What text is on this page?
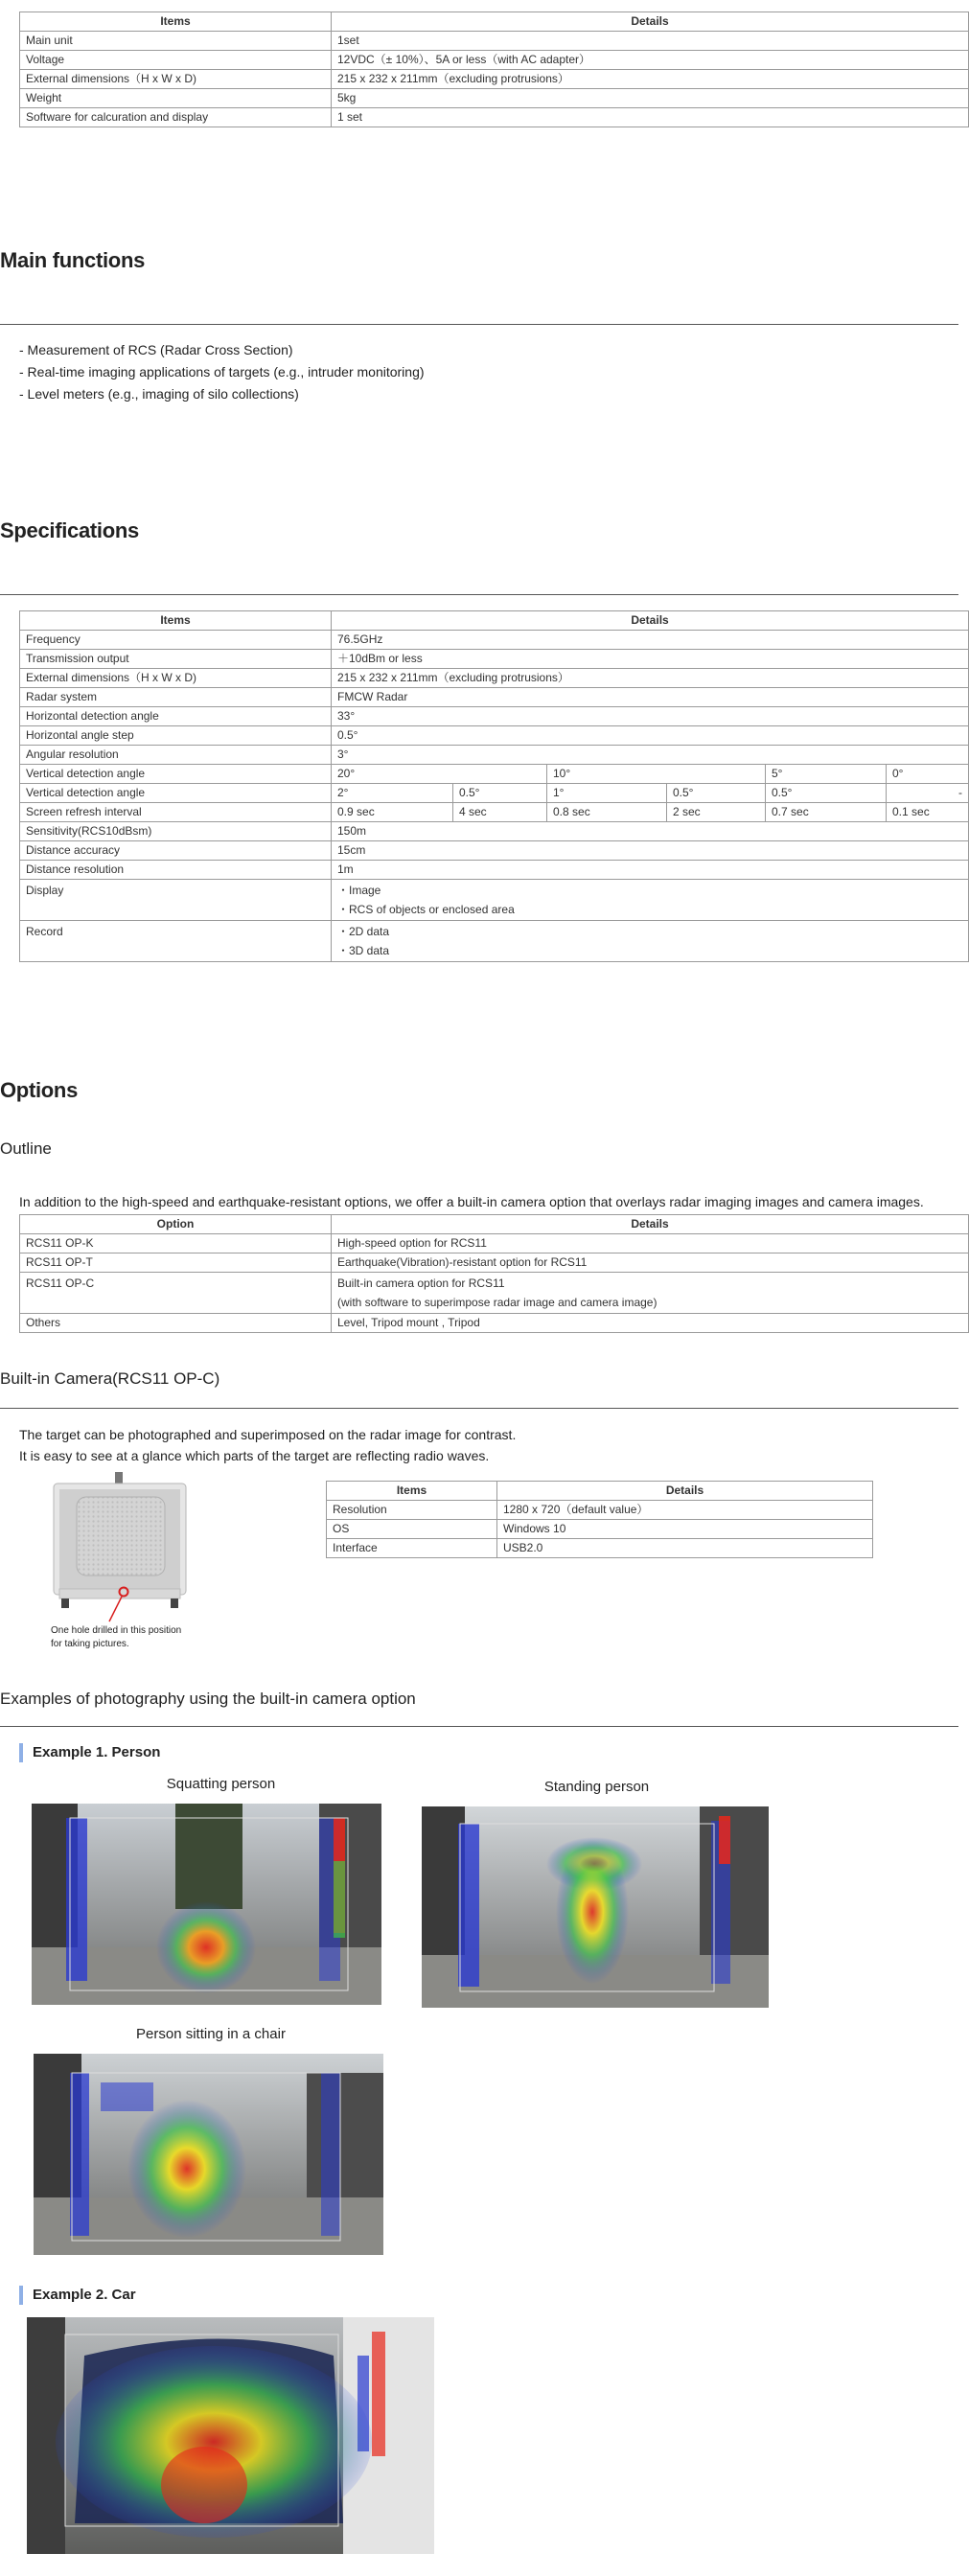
Items	Details
Main unit	1set
Voltage	12VDC（± 10%）、5A or less（with AC adapter）
External dimensions（H x W x D)	215 x 232 x 211mm（excluding protrusions）
Weight	5kg
Software for calcuration and display	1 set
Main functions
- Measurement of RCS (Radar Cross Section)
- Real-time imaging applications of targets (e.g., intruder monitoring)
- Level meters (e.g., imaging of silo collections)
Specifications
Items	Details					
Frequency	76.5GHz					
Transmission output	＋10dBm or less					
External dimensions（H x W x D)	215 x 232 x 211mm（excluding protrusions）					
Radar system	FMCW Radar					
Horizontal detection angle	33°					
Horizontal angle step	0.5°					
Angular resolution	3°					
Vertical detection angle	20°		10°		5°	0°
Vertical detection angle	2°	0.5°	1°	0.5°	0.5°	-
Screen refresh interval	0.9 sec	4 sec	0.8 sec	2 sec	0.7 sec	0.1 sec
Sensitivity(RCS10dBsm)	150m					
Distance accuracy	15cm					
Distance resolution	1m					
Display	・Image
・RCS of objects or enclosed area					

Record	・2D data
・3D data					
Options
Outline
In addition to the high-speed and earthquake-resistant options, we offer a built-in camera option that overlays radar imaging images and camera images.
Option	Details
RCS11 OP-K	High-speed option for RCS11
RCS11 OP-T	Earthquake(Vibration)-resistant option for RCS11
RCS11 OP-C	Built-in camera option for RCS11
(with software to superimpose radar image and camera image)

Others	Level, Tripod mount , Tripod
Built-in Camera(RCS11 OP-C)
The target can be photographed and superimposed on the radar image for contrast.
It is easy to see at a glance which parts of the target are reflecting radio waves.
One hole drilled in this position
for taking pictures.
Items	Details
Resolution	1280 x 720（default value）
OS	Windows 10
Interface	USB2.0
Examples of photography using the built-in camera option
Example 1. Person
Squatting person	Standing person
Person sitting in a chair
Example 2. Car
